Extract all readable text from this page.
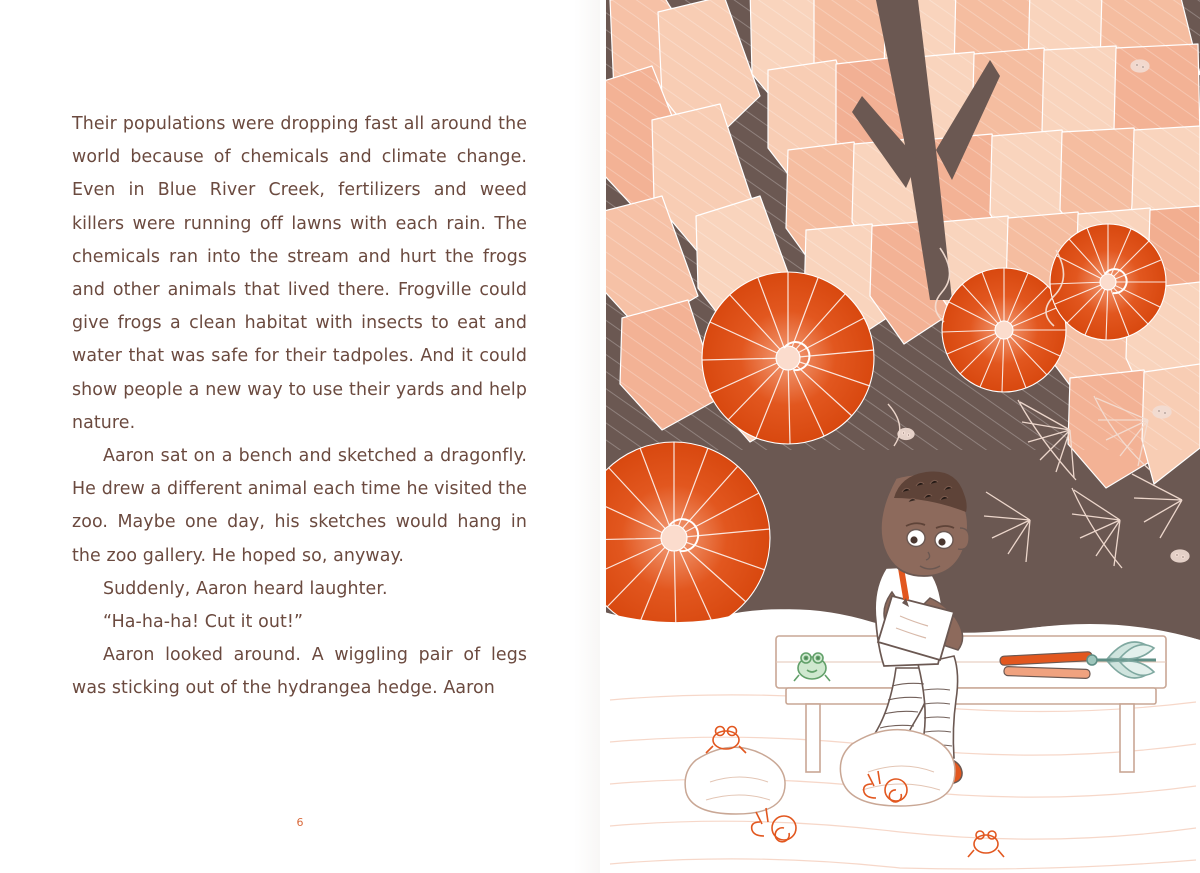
Their populations were dropping fast all around the world because of chemicals and climate change. Even in Blue River Creek, fertilizers and weed killers were running off lawns with each rain. The chemicals ran into the stream and hurt the frogs and other animals that lived there. Frogville could give frogs a clean habitat with insects to eat and water that was safe for their tadpoles. And it could show people a new way to use their yards and help nature.

Aaron sat on a bench and sketched a dragonfly. He drew a different animal each time he visited the zoo. Maybe one day, his sketches would hang in the zoo gallery. He hoped so, anyway.

Suddenly, Aaron heard laughter.

“Ha-ha-ha! Cut it out!”

Aaron looked around. A wiggling pair of legs was sticking out of the hydrangea hedge. Aaron

6
